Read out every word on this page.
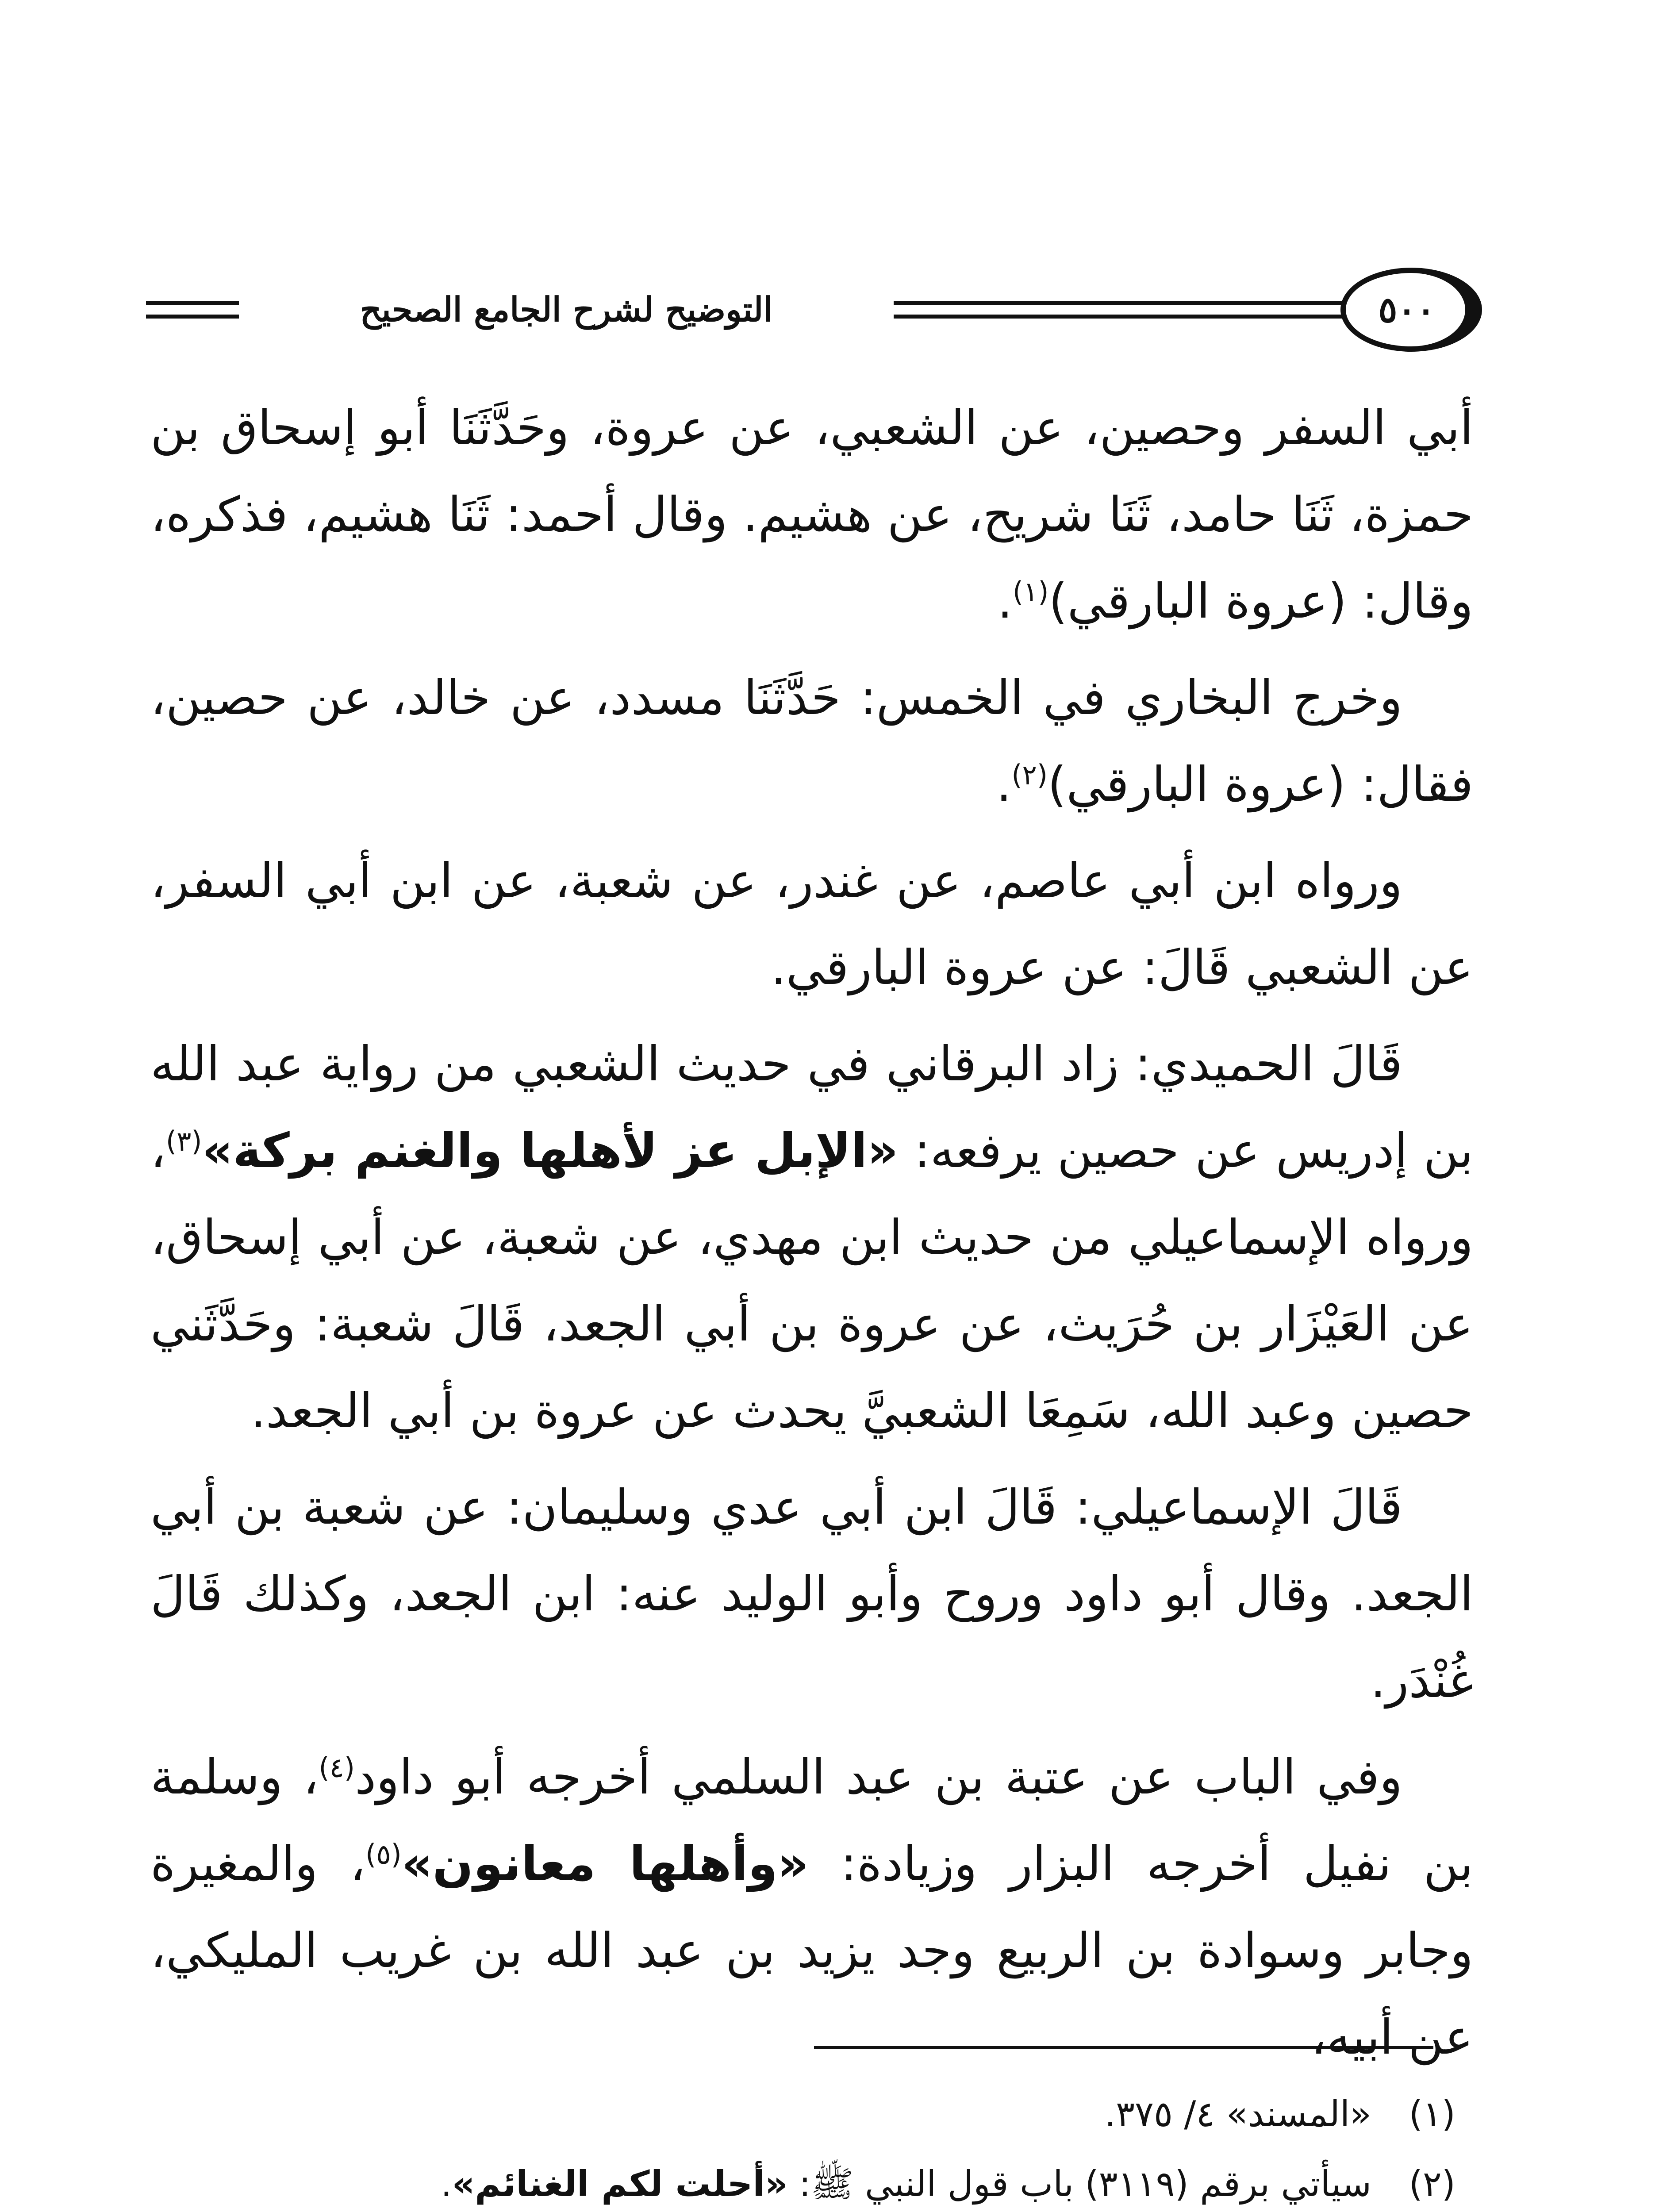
التوضيح لشرح الجامع الصحيح	٥٠٠

أبي السفر وحصين، عن الشعبي، عن عروة، وحَدَّثَنَا أبو إسحاق بن حمزة، ثَنَا حامد، ثَنَا شريح، عن هشيم. وقال أحمد: ثَنَا هشيم، فذكره، وقال: (عروة البارقي)$^{(١)}$.

وخرج البخاري في الخمس: حَدَّثَنَا مسدد، عن خالد، عن حصين، فقال: (عروة البارقي)$^{(٢)}$.

ورواه ابن أبي عاصم، عن غندر، عن شعبة، عن ابن أبي السفر، عن الشعبي قَالَ: عن عروة البارقي.

قَالَ الحميدي: زاد البرقاني في حديث الشعبي من رواية عبد الله بن إدريس عن حصين يرفعه: «الإبل عز لأهلها والغنم بركة»$^{(٣)}$، ورواه الإسماعيلي من حديث ابن مهدي، عن شعبة، عن أبي إسحاق، عن العَيْزَار بن حُرَيث، عن عروة بن أبي الجعد، قَالَ شعبة: وحَدَّثَني حصين وعبد الله، سَمِعَا الشعبيَّ يحدث عن عروة بن أبي الجعد.

قَالَ الإسماعيلي: قَالَ ابن أبي عدي وسليمان: عن شعبة بن أبي الجعد. وقال أبو داود وروح وأبو الوليد عنه: ابن الجعد، وكذلك قَالَ غُنْدَر.

وفي الباب عن عتبة بن عبد السلمي أخرجه أبو داود$^{(٤)}$، وسلمة بن نفيل أخرجه البزار وزيادة: «وأهلها معانون»$^{(٥)}$، والمغيرة وجابر وسوادة بن الربيع وجد يزيد بن عبد الله بن غريب المليكي، عن أبيه،

(١)«المسند» ٤/ ٣٧٥.
(٢)سيأتي برقم (٣١١٩) باب قول النبي ﷺ: «أحلت لكم الغنائم».
